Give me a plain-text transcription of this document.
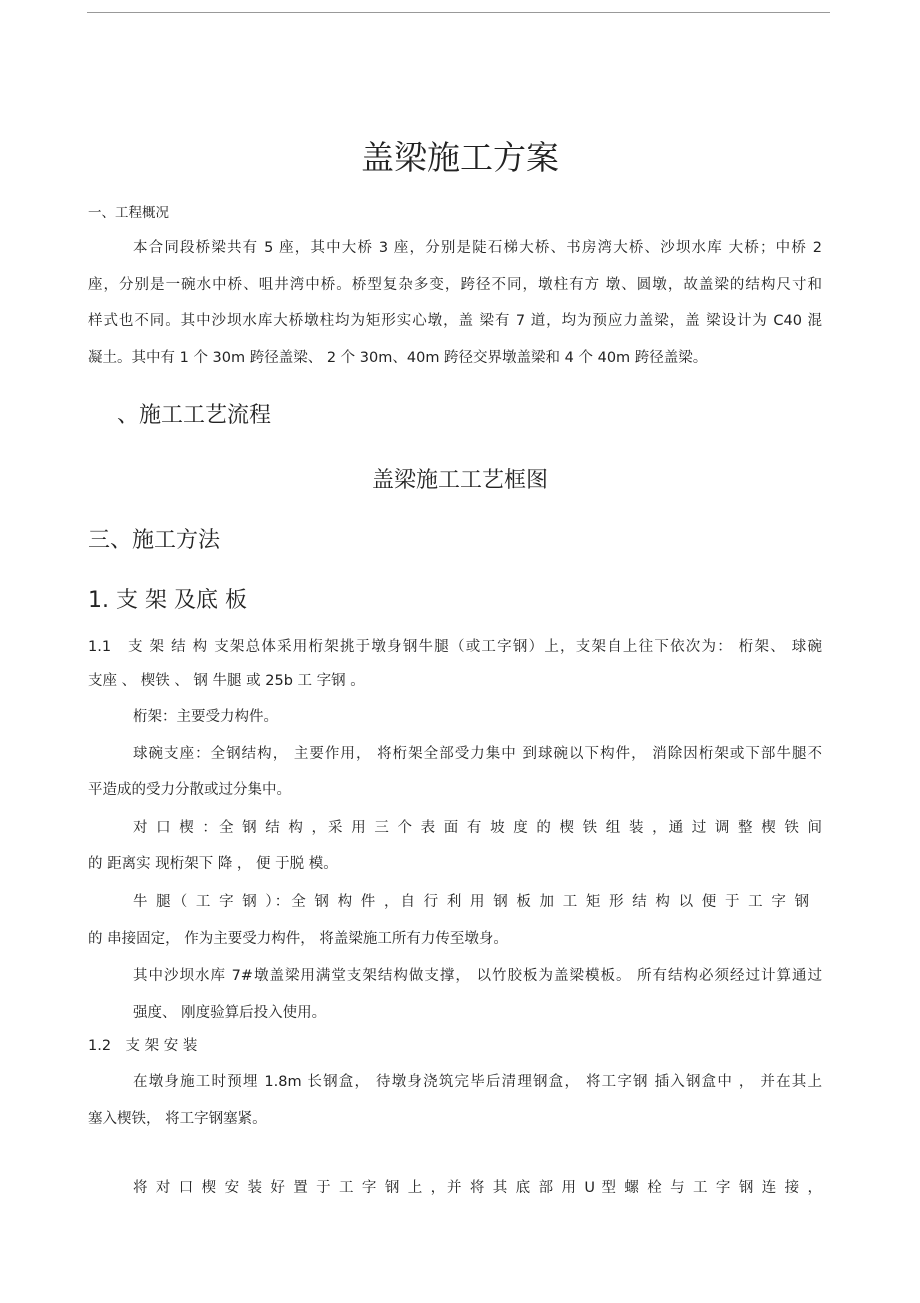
盖梁施工方案
一、工程概况
本合同段桥梁共有 5 座，其中大桥 3 座，分别是陡石梯大桥、书房湾大桥、沙坝水库 大桥；中桥 2
座，分别是一碗水中桥、咀井湾中桥。桥型复杂多变，跨径不同，墩柱有方 墩、圆墩，故盖梁的结构尺寸和
样式也不同。其中沙坝水库大桥墩柱均为矩形实心墩，盖 梁有 7 道，均为预应力盖梁，盖 梁设计为 C40 混
凝土。其中有 1 个 30m 跨径盖梁、 2 个 30m、40m 跨径交界墩盖梁和 4 个 40m 跨径盖梁。
、施工工艺流程
盖梁施工工艺框图
三、施工方法
1. 支 架 及底 板
1.1　支 架 结 构 支架总体采用桁架挑于墩身钢牛腿（或工字钢）上，支架自上往下依次为： 桁架、 球碗
支座 、 楔铁 、 钢 牛腿 或 25b 工 字钢 。
桁架：主要受力构件。
球碗支座：全钢结构， 主要作用， 将桁架全部受力集中 到球碗以下构件， 消除因桁架或下部牛腿不
平造成的受力分散或过分集中。
对 口 楔 ：全 钢 结 构 ，采 用 三 个 表 面 有 坡 度 的 楔 铁 组 装 ，通 过 调 整 楔 铁 间
的 距离实 现桁架下 降 ， 便 于脱 模。
牛 腿（ 工 字 钢 ）：全 钢 构 件 ，自 行 利 用 钢 板 加 工 矩 形 结 构 以 便 于 工 字 钢
的 串接固定， 作为主要受力构件， 将盖梁施工所有力传至墩身。
其中沙坝水库 7#墩盖梁用满堂支架结构做支撑， 以竹胶板为盖梁模板。 所有结构必须经过计算通过
强度、 刚度验算后投入使用。
1.2　支 架 安 装
在墩身施工时预埋 1.8m 长钢盒， 待墩身浇筑完毕后清理钢盒， 将工字钢 插入钢盒中 ， 并在其上
塞入楔铁， 将工字钢塞紧。
将 对 口 楔 安 装 好 置 于 工 字 钢 上 ，并 将 其 底 部 用 U 型 螺 栓 与 工 字 钢 连 接 ，
